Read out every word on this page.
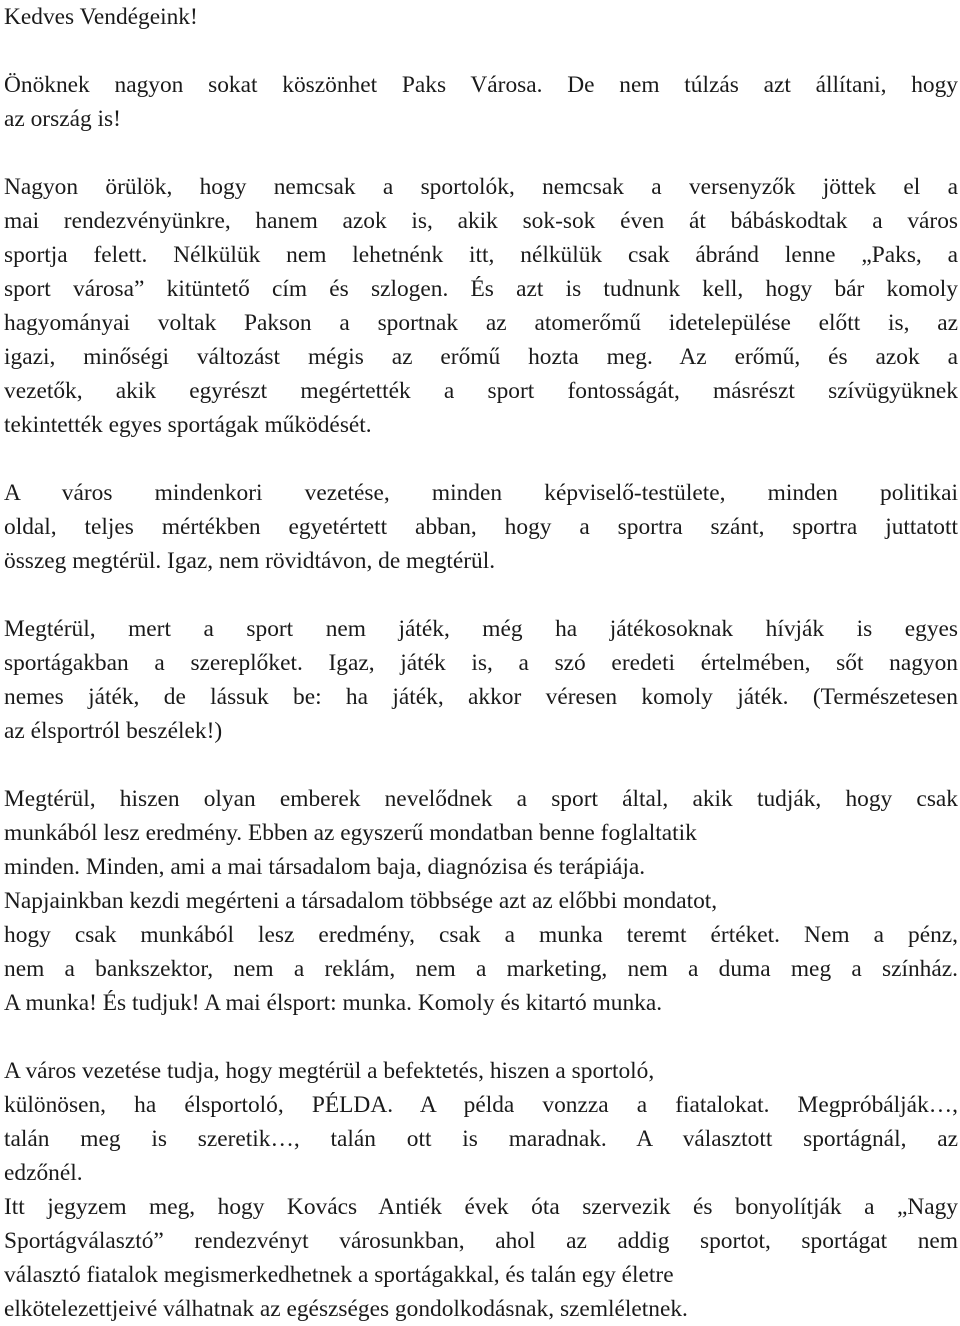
Kedves Vendégeink!
Önöknek nagyon sokat köszönhet Paks Városa. De nem túlzás azt állítani, hogy
az ország is!
Nagyon örülök, hogy nemcsak a sportolók, nemcsak a versenyzők jöttek el a
mai rendezvényünkre, hanem azok is, akik sok-sok éven át bábáskodtak a város
sportja felett. Nélkülük nem lehetnénk itt, nélkülük csak ábránd lenne „Paks, a
sport városa” kitüntető cím és szlogen. És azt is tudnunk kell, hogy bár komoly
hagyományai voltak Pakson a sportnak az atomerőmű idetelepülése előtt is, az
igazi, minőségi változást mégis az erőmű hozta meg. Az erőmű, és azok a
vezetők, akik egyrészt megértették a sport fontosságát, másrészt szívügyüknek
tekintették egyes sportágak működését.
A város mindenkori vezetése, minden képviselő-testülete, minden politikai
oldal, teljes mértékben egyetértett abban, hogy a sportra szánt, sportra juttatott
összeg megtérül. Igaz, nem rövidtávon, de megtérül.
Megtérül, mert a sport nem játék, még ha játékosoknak hívják is egyes
sportágakban a szereplőket. Igaz, játék is, a szó eredeti értelmében, sőt nagyon
nemes játék, de lássuk be: ha játék, akkor véresen komoly játék. (Természetesen
az élsportról beszélek!)
Megtérül, hiszen olyan emberek nevelődnek a sport által, akik tudják, hogy csak
munkából lesz eredmény. Ebben az egyszerű mondatban benne foglaltatik
minden. Minden, ami a mai társadalom baja, diagnózisa és terápiája.
Napjainkban kezdi megérteni a társadalom többsége azt az előbbi mondatot,
hogy csak munkából lesz eredmény, csak a munka teremt értéket. Nem a pénz,
nem a bankszektor, nem a reklám, nem a marketing, nem a duma meg a színház.
A munka! És tudjuk! A mai élsport: munka. Komoly és kitartó munka.
A város vezetése tudja, hogy megtérül a befektetés, hiszen a sportoló,
különösen, ha élsportoló, PÉLDA. A példa vonzza a fiatalokat. Megpróbálják…,
talán meg is szeretik…, talán ott is maradnak. A választott sportágnál, az
edzőnél.
Itt jegyzem meg, hogy Kovács Antiék évek óta szervezik és bonyolítják a „Nagy
Sportágválasztó” rendezvényt városunkban, ahol az addig sportot, sportágat nem
választó fiatalok megismerkedhetnek a sportágakkal, és talán egy életre
elkötelezettjeivé válhatnak az egészséges gondolkodásnak, szemléletnek.
